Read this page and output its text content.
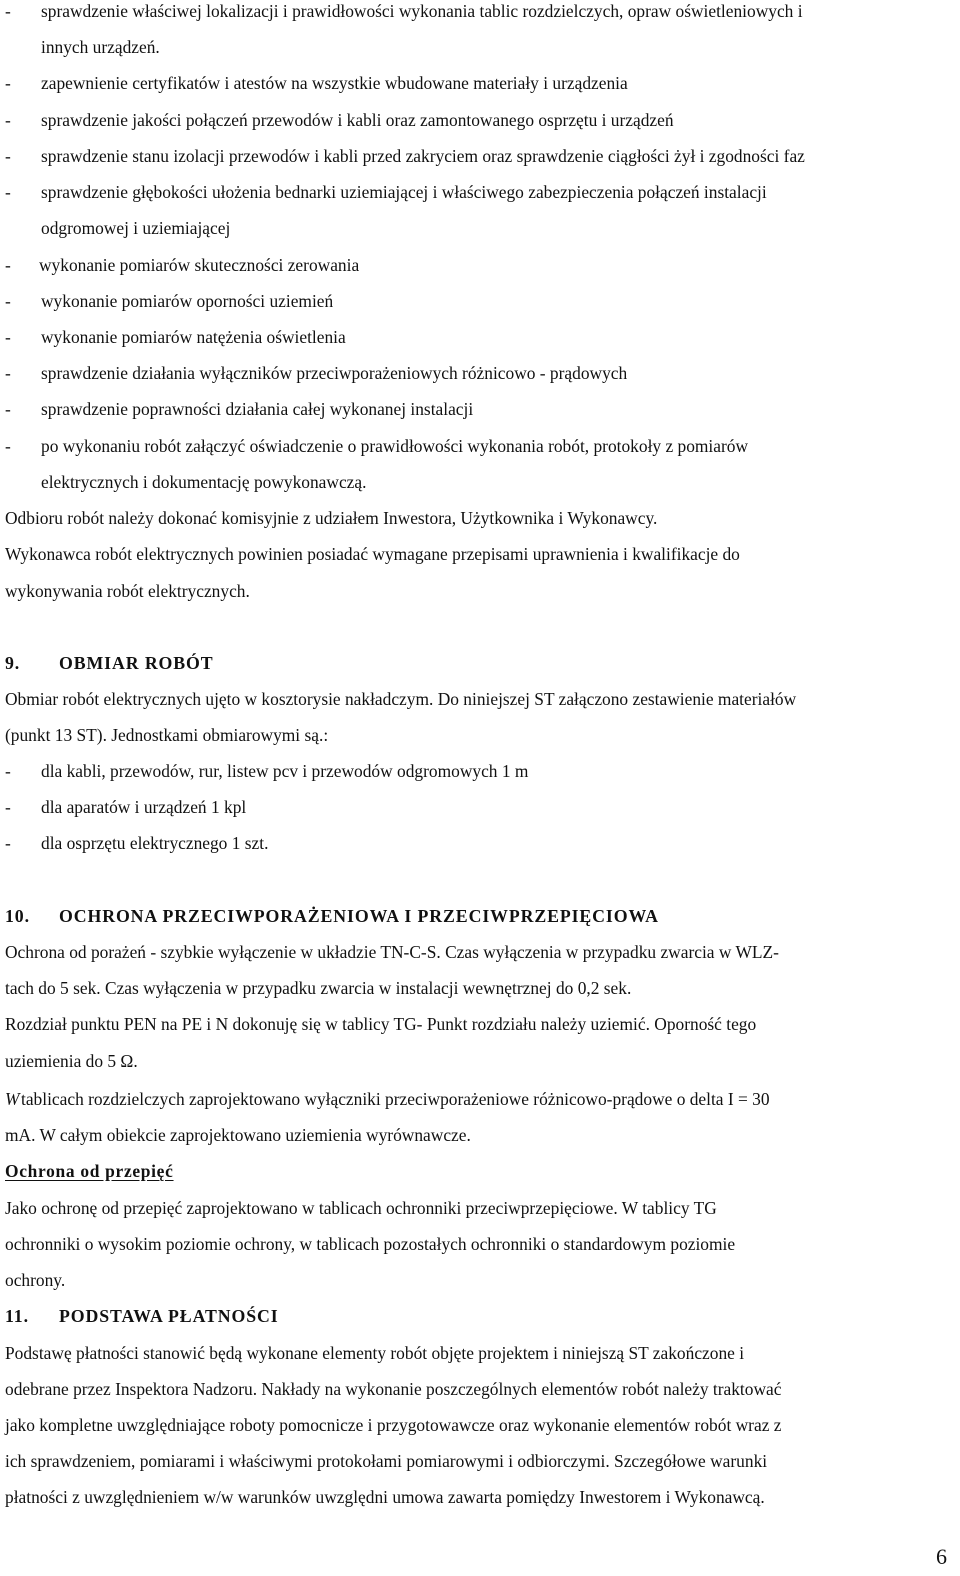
- sprawdzenie właściwej lokalizacji i prawidłowości wykonania tablic rozdzielczych, opraw oświetleniowych i
innych urządzeń.
- zapewnienie certyfikatów i atestów na wszystkie wbudowane materiały i urządzenia
- sprawdzenie jakości połączeń przewodów i kabli oraz zamontowanego osprzętu i urządzeń
- sprawdzenie stanu izolacji przewodów i kabli przed zakryciem oraz sprawdzenie ciągłości żył i zgodności faz
- sprawdzenie głębokości ułożenia bednarki uziemiającej i właściwego zabezpieczenia połączeń instalacji
odgromowej i uziemiającej
- wykonanie pomiarów skuteczności zerowania
- wykonanie pomiarów oporności uziemień
- wykonanie pomiarów natężenia oświetlenia
- sprawdzenie działania wyłączników przeciwporażeniowych różnicowo - prądowych
- sprawdzenie poprawności działania całej wykonanej instalacji
- po wykonaniu robót załączyć oświadczenie o prawidłowości wykonania robót, protokoły z pomiarów
elektrycznych i dokumentację powykonawczą.
Odbioru robót należy dokonać komisyjnie z udziałem Inwestora, Użytkownika i Wykonawcy.
Wykonawca robót elektrycznych powinien posiadać wymagane przepisami uprawnienia i kwalifikacje do
wykonywania robót elektrycznych.
9. OBMIAR ROBÓT
Obmiar robót elektrycznych ujęto w kosztorysie nakładczym. Do niniejszej ST załączono zestawienie materiałów
(punkt 13 ST). Jednostkami obmiarowymi są.:
- dla kabli, przewodów, rur, listew pcv i przewodów odgromowych 1 m
- dla aparatów i urządzeń 1 kpl
- dla osprzętu elektrycznego 1 szt.
10. OCHRONA PRZECIWPORAŻENIOWA I PRZECIWPRZEPIĘCIOWA
Ochrona od porażeń - szybkie wyłączenie w układzie TN-C-S. Czas wyłączenia w przypadku zwarcia w WLZ-
tach do 5 sek. Czas wyłączenia w przypadku zwarcia w instalacji wewnętrznej do 0,2 sek.
Rozdział punktu PEN na PE i N dokonuję się w tablicy TG- Punkt rozdziału należy uziemić. Oporność tego
uziemienia do 5 Ω.
W tablicach rozdzielczych zaprojektowano wyłączniki przeciwporażeniowe różnicowo-prądowe o delta I = 30
mA. W całym obiekcie zaprojektowano uziemienia wyrównawcze.
Ochrona od przepięć
Jako ochronę od przepięć zaprojektowano w tablicach ochronniki przeciwprzepięciowe. W tablicy TG
ochronniki o wysokim poziomie ochrony, w tablicach pozostałych ochronniki o standardowym poziomie
ochrony.
11. PODSTAWA PŁATNOŚCI
Podstawę płatności stanowić będą wykonane elementy robót objęte projektem i niniejszą ST zakończone i
odebrane przez Inspektora Nadzoru. Nakłady na wykonanie poszczególnych elementów robót należy traktować
jako kompletne uwzględniające roboty pomocnicze i przygotowawcze oraz wykonanie elementów robót wraz z
ich sprawdzeniem, pomiarami i właściwymi protokołami pomiarowymi i odbiorczymi. Szczegółowe warunki
płatności z uwzględnieniem w/w warunków uwzględni umowa zawarta pomiędzy Inwestorem i Wykonawcą.
6
